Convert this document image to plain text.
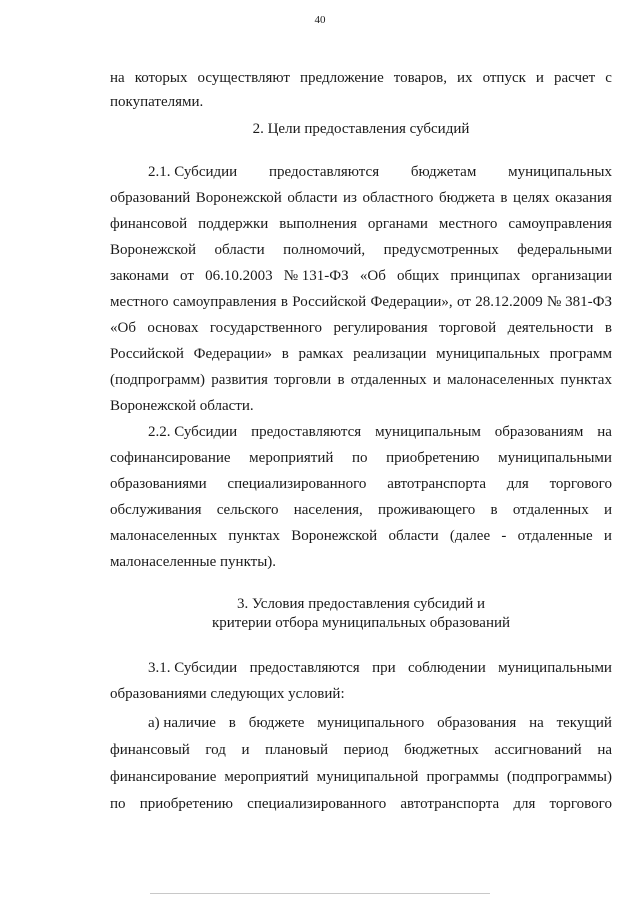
40
на которых осуществляют предложение товаров, их отпуск и расчет с
покупателями.
2. Цели предоставления субсидий
2.1. Субсидии предоставляются бюджетам муниципальных
образований Воронежской области из областного бюджета в целях оказания
финансовой поддержки выполнения органами местного самоуправления
Воронежской области полномочий, предусмотренных федеральными
законами от 06.10.2003 № 131-ФЗ «Об общих принципах организации
местного самоуправления в Российской Федерации», от 28.12.2009 № 381-ФЗ
«Об основах государственного регулирования торговой деятельности в
Российской Федерации» в рамках реализации муниципальных программ
(подпрограмм) развития торговли в отдаленных и малонаселенных пунктах
Воронежской области.
2.2. Субсидии предоставляются муниципальным образованиям на
софинансирование мероприятий по приобретению муниципальными
образованиями специализированного автотранспорта для торгового
обслуживания сельского населения, проживающего в отдаленных и
малонаселенных пунктах Воронежской области (далее - отдаленные и
малонаселенные пункты).
3. Условия предоставления субсидий и
критерии отбора муниципальных образований
3.1. Субсидии предоставляются при соблюдении муниципальными
образованиями следующих условий:
а) наличие в бюджете муниципального образования на текущий
финансовый год и плановый период бюджетных ассигнований на
финансирование мероприятий муниципальной программы (подпрограммы)
по приобретению специализированного автотранспорта для торгового
